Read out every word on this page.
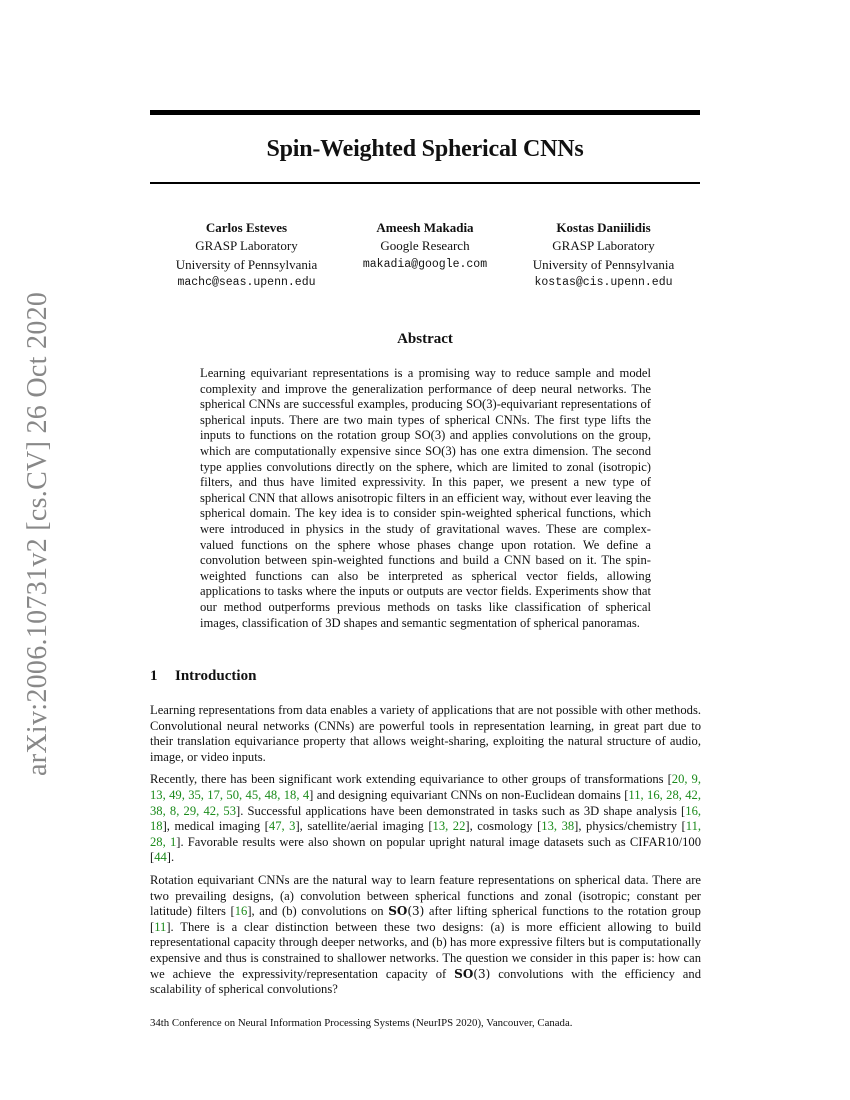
arXiv:2006.10731v2 [cs.CV] 26 Oct 2020
Spin-Weighted Spherical CNNs
Carlos Esteves
GRASP Laboratory
University of Pennsylvania
machc@seas.upenn.edu
Ameesh Makadia
Google Research
makadia@google.com
Kostas Daniilidis
GRASP Laboratory
University of Pennsylvania
kostas@cis.upenn.edu
Abstract
Learning equivariant representations is a promising way to reduce sample and model complexity and improve the generalization performance of deep neural networks. The spherical CNNs are successful examples, producing SO(3)-equivariant representations of spherical inputs. There are two main types of spherical CNNs. The first type lifts the inputs to functions on the rotation group SO(3) and applies convolutions on the group, which are computationally expensive since SO(3) has one extra dimension. The second type applies convolutions directly on the sphere, which are limited to zonal (isotropic) filters, and thus have limited expressivity. In this paper, we present a new type of spherical CNN that allows anisotropic filters in an efficient way, without ever leaving the spherical domain. The key idea is to consider spin-weighted spherical functions, which were introduced in physics in the study of gravitational waves. These are complex-valued functions on the sphere whose phases change upon rotation. We define a convolution between spin-weighted functions and build a CNN based on it. The spin-weighted functions can also be interpreted as spherical vector fields, allowing applications to tasks where the inputs or outputs are vector fields. Experiments show that our method outperforms previous methods on tasks like classification of spherical images, classification of 3D shapes and semantic segmentation of spherical panoramas.
1 Introduction

Learning representations from data enables a variety of applications that are not possible with other methods. Convolutional neural networks (CNNs) are powerful tools in representation learning, in great part due to their translation equivariance property that allows weight-sharing, exploiting the natural structure of audio, image, or video inputs.

Recently, there has been significant work extending equivariance to other groups of transformations [20, 9, 13, 49, 35, 17, 50, 45, 48, 18, 4] and designing equivariant CNNs on non-Euclidean domains [11, 16, 28, 42, 38, 8, 29, 42, 53]. Successful applications have been demonstrated in tasks such as 3D shape analysis [16, 18], medical imaging [47, 3], satellite/aerial imaging [13, 22], cosmology [13, 38], physics/chemistry [11, 28, 1]. Favorable results were also shown on popular upright natural image datasets such as CIFAR10/100 [44].

Rotation equivariant CNNs are the natural way to learn feature representations on spherical data. There are two prevailing designs, (a) convolution between spherical functions and zonal (isotropic; constant per latitude) filters [16], and (b) convolutions on SO(3) after lifting spherical functions to the rotation group [11]. There is a clear distinction between these two designs: (a) is more efficient allowing to build representational capacity through deeper networks, and (b) has more expressive filters but is computationally expensive and thus is constrained to shallower networks. The question we consider in this paper is: how can we achieve the expressivity/representation capacity of SO(3) convolutions with the efficiency and scalability of spherical convolutions?

34th Conference on Neural Information Processing Systems (NeurIPS 2020), Vancouver, Canada.
